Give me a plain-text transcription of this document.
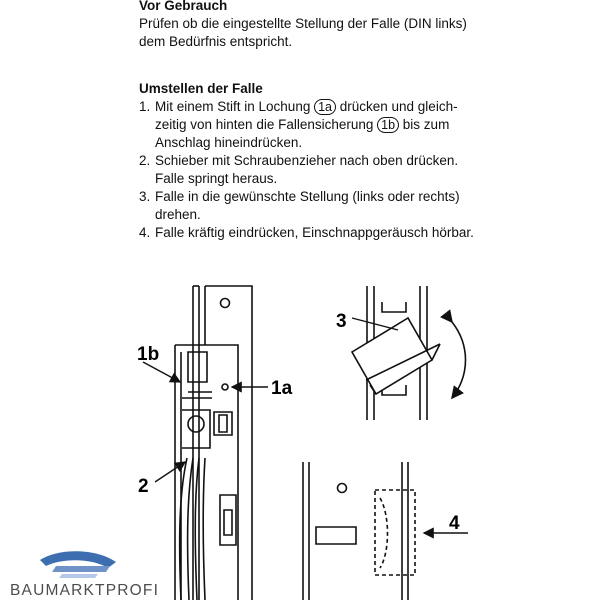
Vor Gebrauch

Prüfen ob die eingestellte Stellung der Falle (DIN links)

dem Bedürfnis entspricht.

Umstellen der Falle

1. Mit einem Stift in Lochung 1a drücken und gleich-
zeitig von hinten die Fallensicherung 1b bis zum
Anschlag hineindrücken.
2. Schieber mit Schraubenzieher nach oben drücken.
Falle springt heraus.
3. Falle in die gewünschte Stellung (links oder rechts)
drehen.
4. Falle kräftig eindrücken, Einschnappgeräusch hörbar.
1b
1a
2
3
4
BAUMARKTPROFI
